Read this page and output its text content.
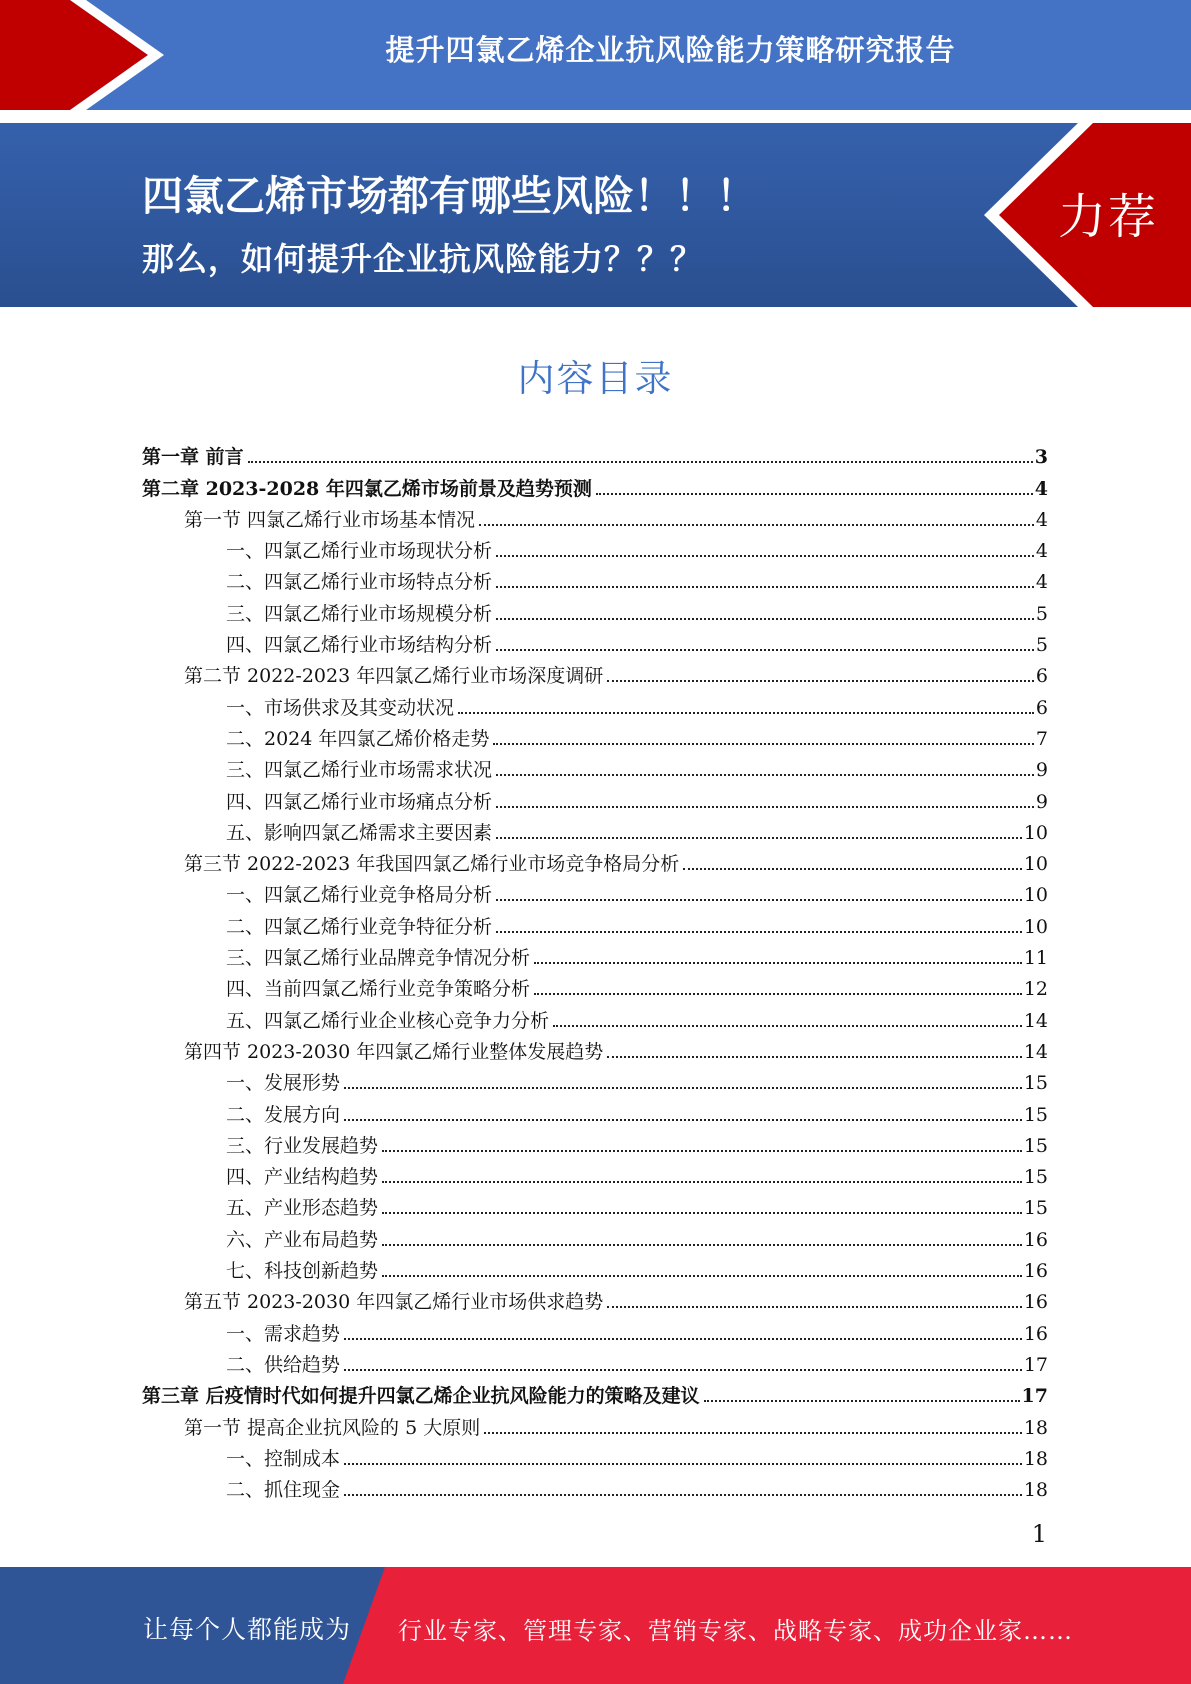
提升四氯乙烯企业抗风险能力策略研究报告
四氯乙烯市场都有哪些风险！！！
那么，如何提升企业抗风险能力？？？
力荐
内容目录
第一章 前言	3
第二章 2023-2028 年四氯乙烯市场前景及趋势预测	4
第一节 四氯乙烯行业市场基本情况	4
一、四氯乙烯行业市场现状分析	4
二、四氯乙烯行业市场特点分析	4
三、四氯乙烯行业市场规模分析	5
四、四氯乙烯行业市场结构分析	5
第二节 2022-2023 年四氯乙烯行业市场深度调研	6
一、市场供求及其变动状况	6
二、2024 年四氯乙烯价格走势	7
三、四氯乙烯行业市场需求状况	9
四、四氯乙烯行业市场痛点分析	9
五、影响四氯乙烯需求主要因素	10
第三节 2022-2023 年我国四氯乙烯行业市场竞争格局分析	10
一、四氯乙烯行业竞争格局分析	10
二、四氯乙烯行业竞争特征分析	10
三、四氯乙烯行业品牌竞争情况分析	11
四、当前四氯乙烯行业竞争策略分析	12
五、四氯乙烯行业企业核心竞争力分析	14
第四节 2023-2030 年四氯乙烯行业整体发展趋势	14
一、发展形势	15
二、发展方向	15
三、行业发展趋势	15
四、产业结构趋势	15
五、产业形态趋势	15
六、产业布局趋势	16
七、科技创新趋势	16
第五节 2023-2030 年四氯乙烯行业市场供求趋势	16
一、需求趋势	16
二、供给趋势	17
第三章 后疫情时代如何提升四氯乙烯企业抗风险能力的策略及建议	17
第一节 提高企业抗风险的 5 大原则	18
一、控制成本	18
二、抓住现金	18
1
让每个人都能成为 行业专家、管理专家、营销专家、战略专家、成功企业家……
